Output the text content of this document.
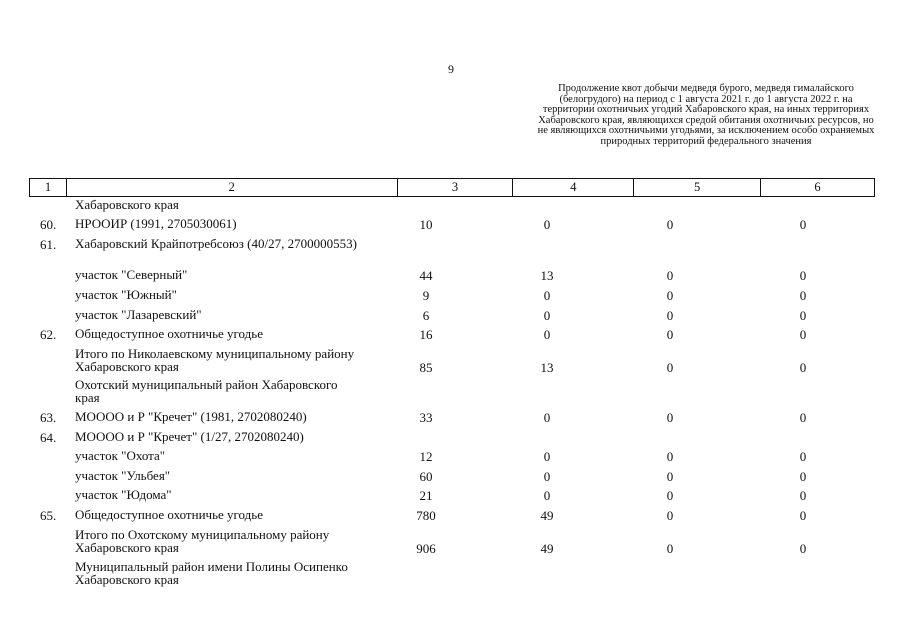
9
Продолжение квот добычи медведя бурого, медведя гималайского (белогрудого) на период с 1 августа 2021 г. до 1 августа 2022 г. на территории охотничьих угодий Хабаровского края, на иных территориях Хабаровского края, являющихся средой обитания охотничьих ресурсов, но не являющихся охотничьими угодьями, за исключением особо охраняемых природных территорий федерального значения
1	2	3	4	5	6
Хабаровского края
60. НРООИР (1991, 2705030061)	10	0	0	0
61. Хабаровский Крайпотребсоюз (40/27, 2700000553)
участок "Северный"	44	13	0	0
участок "Южный"	9	0	0	0
участок "Лазаревский"	6	0	0	0
62. Общедоступное охотничье угодье	16	0	0	0
Итого по Николаевскому муниципальному району Хабаровского края	85	13	0	0
Охотский муниципальный район Хабаровского края
63. МОООО и Р "Кречет" (1981, 2702080240)	33	0	0	0
64. МОООО и Р "Кречет" (1/27, 2702080240)
участок "Охота"	12	0	0	0
участок "Ульбея"	60	0	0	0
участок "Юдома"	21	0	0	0
65. Общедоступное охотничье угодье	780	49	0	0
Итого по Охотскому муниципальному району Хабаровского края	906	49	0	0
Муниципальный район имени Полины Осипенко Хабаровского края
